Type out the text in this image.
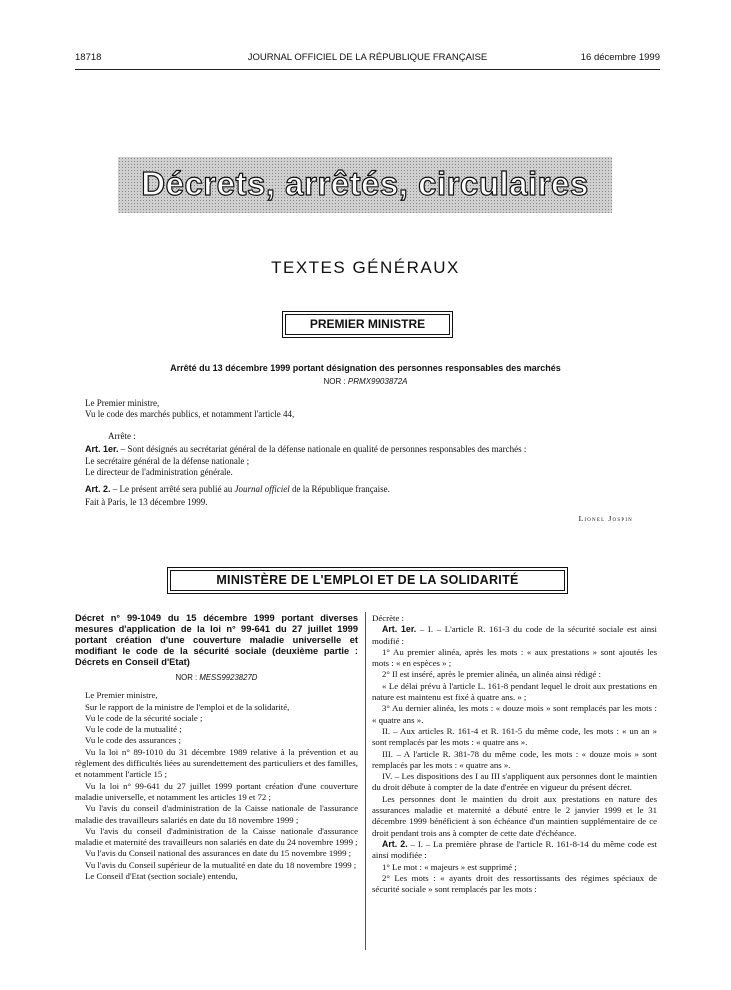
18718	JOURNAL OFFICIEL DE LA RÉPUBLIQUE FRANÇAISE	16 décembre 1999
Décrets, arrêtés, circulaires
TEXTES GÉNÉRAUX
PREMIER MINISTRE
Arrêté du 13 décembre 1999 portant désignation des personnes responsables des marchés
NOR : PRMX9903872A
Le Premier ministre,
Vu le code des marchés publics, et notamment l'article 44,
Arrête :
Art. 1er. – Sont désignés au secrétariat général de la défense nationale en qualité de personnes responsables des marchés :
Le secrétaire général de la défense nationale ;
Le directeur de l'administration générale.
Art. 2. – Le présent arrêté sera publié au Journal officiel de la République française.
Fait à Paris, le 13 décembre 1999.
Lionel Jospin
MINISTÈRE DE L'EMPLOI ET DE LA SOLIDARITÉ

Décret n° 99-1049 du 15 décembre 1999 portant diverses mesures d'application de la loi n° 99-641 du 27 juillet 1999 portant création d'une couverture maladie universelle et modifiant le code de la sécurité sociale (deuxième partie : Décrets en Conseil d'Etat)

NOR : MESS9923827D

Le Premier ministre,

Sur le rapport de la ministre de l'emploi et de la solidarité,

Vu le code de la sécurité sociale ;

Vu le code de la mutualité ;

Vu le code des assurances ;

Vu la loi n° 89-1010 du 31 décembre 1989 relative à la prévention et au règlement des difficultés liées au surendettement des particuliers et des familles, et notamment l'article 15 ;

Vu la loi n° 99-641 du 27 juillet 1999 portant création d'une couverture maladie universelle, et notamment les articles 19 et 72 ;

Vu l'avis du conseil d'administration de la Caisse nationale de l'assurance maladie des travailleurs salariés en date du 18 novembre 1999 ;

Vu l'avis du conseil d'administration de la Caisse nationale d'assurance maladie et maternité des travailleurs non salariés en date du 24 novembre 1999 ;

Vu l'avis du Conseil national des assurances en date du 15 novembre 1999 ;

Vu l'avis du Conseil supérieur de la mutualité en date du 18 novembre 1999 ;

Le Conseil d'Etat (section sociale) entendu,

Décrète :

Art. 1er. – I. – L'article R. 161-3 du code de la sécurité sociale est ainsi modifié :

1° Au premier alinéa, après les mots : « aux prestations » sont ajoutés les mots : « en espèces » ;

2° Il est inséré, après le premier alinéa, un alinéa ainsi rédigé :

« Le délai prévu à l'article L. 161-8 pendant lequel le droit aux prestations en nature est maintenu est fixé à quatre ans. » ;

3° Au dernier alinéa, les mots : « douze mois » sont remplacés par les mots : « quatre ans ».

II. – Aux articles R. 161-4 et R. 161-5 du même code, les mots : « un an » sont remplacés par les mots : « quatre ans ».

III. – A l'article R. 381-78 du même code, les mots : « douze mois » sont remplacés par les mots : « quatre ans ».

IV. – Les dispositions des I au III s'appliquent aux personnes dont le maintien du droit débute à compter de la date d'entrée en vigueur du présent décret.

Les personnes dont le maintien du droit aux prestations en nature des assurances maladie et maternité a débuté entre le 2 janvier 1999 et le 31 décembre 1999 bénéficient à son échéance d'un maintien supplémentaire de ce droit pendant trois ans à compter de cette date d'échéance.

Art. 2. – I. – La première phrase de l'article R. 161-8-14 du même code est ainsi modifiée :

1° Le mot : « majeurs » est supprimé ;

2° Les mots : « ayants droit des ressortissants des régimes spéciaux de sécurité sociale » sont remplacés par les mots :
